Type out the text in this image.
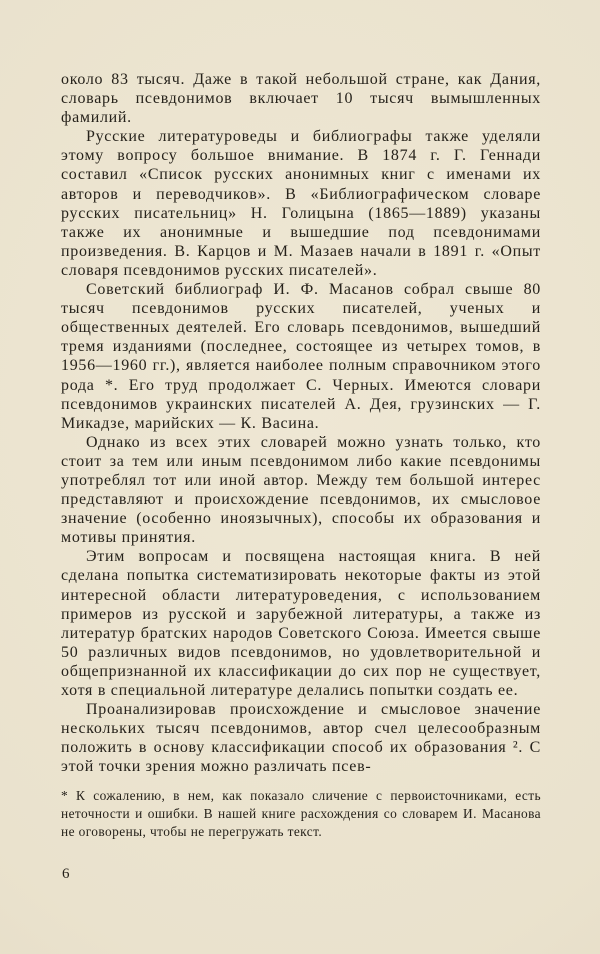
около 83 тысяч. Даже в такой небольшой стране, как Дания, словарь псевдонимов включает 10 тысяч вымышленных фамилий.

Русские литературоведы и библиографы также уделяли этому вопросу большое внимание. В 1874 г. Г. Геннади составил «Список русских анонимных книг с именами их авторов и переводчиков». В «Библиографическом словаре русских писательниц» Н. Голицына (1865—1889) указаны также их анонимные и вышедшие под псевдонимами произведения. В. Карцов и М. Мазаев начали в 1891 г. «Опыт словаря псевдонимов русских писателей».

Советский библиограф И. Ф. Масанов собрал свыше 80 тысяч псевдонимов русских писателей, ученых и общественных деятелей. Его словарь псевдонимов, вышедший тремя изданиями (последнее, состоящее из четырех томов, в 1956—1960 гг.), является наиболее полным справочником этого рода *. Его труд продолжает С. Черных. Имеются словари псевдонимов украинских писателей А. Дея, грузинских — Г. Микадзе, марийских — К. Васина.

Однако из всех этих словарей можно узнать только, кто стоит за тем или иным псевдонимом либо какие псевдонимы употреблял тот или иной автор. Между тем большой интерес представляют и происхождение псевдонимов, их смысловое значение (особенно иноязычных), способы их образования и мотивы принятия.

Этим вопросам и посвящена настоящая книга. В ней сделана попытка систематизировать некоторые факты из этой интересной области литературоведения, с использованием примеров из русской и зарубежной литературы, а также из литератур братских народов Советского Союза. Имеется свыше 50 различных видов псевдонимов, но удовлетворительной и общепризнанной их классификации до сих пор не существует, хотя в специальной литературе делались попытки создать ее.

Проанализировав происхождение и смысловое значение нескольких тысяч псевдонимов, автор счел целесообразным положить в основу классификации способ их образования ². С этой точки зрения можно различать псев-

* К сожалению, в нем, как показало сличение с первоисточниками, есть неточности и ошибки. В нашей книге расхождения со словарем И. Масанова не оговорены, чтобы не перегружать текст.

6
